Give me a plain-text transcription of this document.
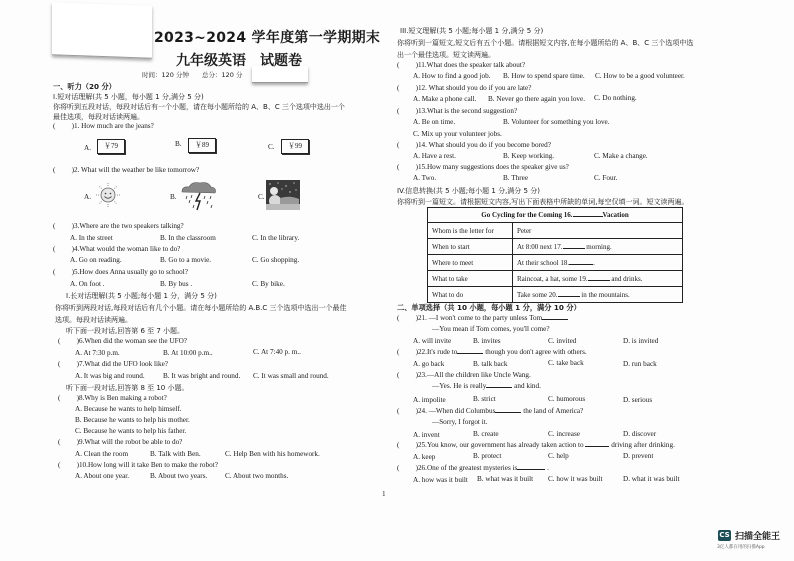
2023~2024 学年度第一学期期末
九年级英语　试题卷
时间：120 分钟　　总分：120 分
一、听力（20 分）
I.短对话理解(共 5 小题，每小题 1 分,满分 5 分)
你将听到五段对话，每段对话后有一个小题，请在每小题所给的 A、B、C 三个选项中选出一个
最佳选项，每段对话读两遍。
( 　　)1. How much are the jeans?
A.	￥79	B.	￥89	C.	￥99
( 　　)2. What will the weather be like tomorrow?
A.	B.	C.
( 　　)3.Where are the two speakers talking?
A. In the street	B. In the classroom	C. In the library.
( 　　)4.What would the woman like to do?
A. Go on reading.	B. Go to a movie.	C. Go shopping.
( 　　)5.How does Anna usually go to school?
A. On foot .	B. By bus .	C. By bike.
I.长对话理解(共 5 小题;每小题 1 分，满分 5 分)
你将听到两段对话,每段对话后有几个小题。请在每小题所给的 A.B.C 三个选项中选出一个最佳
选项。每段对话读两遍。
听下面一段对话,回答第 6 至 7 小题。
( 　　)6.When did the woman see the UFO?
A. At 7:30 p.m.	B. At 10:00 p.m..	C. At 7:40 p. m..
( 　　)7.What did the UFO look like?
A. It was big and round.	B. It was bright and round. C. It was small and round.
听下面一段对话,回答第 8 至 10 小题。
( 　　)8.Why is Ben making a robot?
A. Because he wants to help himself.
B. Because he wants to help his mother.
C. Because he wants to help his father.
( 　　)9.What will the robot be able to do?
A. Clean the room	B. Talk with Ben.	C. Help Ben with his homework.
( 　　)10.How long will it take Ben to make the robot?
A. About one year.	B. About two years. C. About two months.
1
III.短文理解(共 5 小题;每小题 1 分,满分 5 分)
你将听到一篇短文,短文后有五个小题。请根据短文内容,在每小题所给的 A、B、C 三个选项中选
出一个最佳选项。短文读两遍。
( 　　)11.What does the speaker talk about?
A. How to find a good job. B. How to spend spare time. C. How to be a good volunteer.
( 　　)12. What should you do if you are late?
A. Make a phone call. B. Never go there again you love. C. Do nothing.
( 　　)13.What is the second suggestion?
A. Be on time.	B. Volunteer for something you love.
C. Mix up your volunteer jobs.
( 　　)14. What should you do if you become bored?
A. Have a rest.	B. Keep working.	C. Make a change.
( 　　)15.How many suggestions does the speaker give us?
A. Two.	B. Three	C. Four.
IV.信息转换(共 5 小题;每小题 1 分,满分 5 分)
你将听到一篇短文。请根据短文内容,写出下面表格中所缺的单词,每空仅填一词。短文读两遍。
Go Cycling for the Coming 16. Vacation	
Whom is the letter for	Peter
When to start	At 8:00 next 17. morning.
Where to meet	At their school 18. .
What to take	Raincoat, a hat, some 19. and drinks.
What to do	Take some 20. in the mountains.
二、单项选择（共 10 小题，每小题 1 分，满分 10 分）
( 　　)21. —I won't come to the party unless Tom
—You mean if Tom comes, you'll come?
A. will invite	B. invites	C. invited	D. is invited
( 　　)22.It's rude to	though you don't agree with others.
A. go back	B. talk back	C. take back	D. run back
( 　　)23.—All the children like Uncle Wang.
—Yes. He is really	and kind.
A. impolite	B. strict	C. humorous	D. serious
( 　　)24. —When did Columbus	the land of America?
—Sorry, I forgot it.
A. invent	B. create	C. increase	D. discover
( 　　)25.You know, our government has already taken action to	driving after drinking.
A. keep	B. protect	C. help	D. prevent
( 　　)26.One of the greatest mysteries is	.
A. how was it built B. what was it built C. how it was built	D. what it was built
CS 扫描全能王
3亿人都在用的扫描App
